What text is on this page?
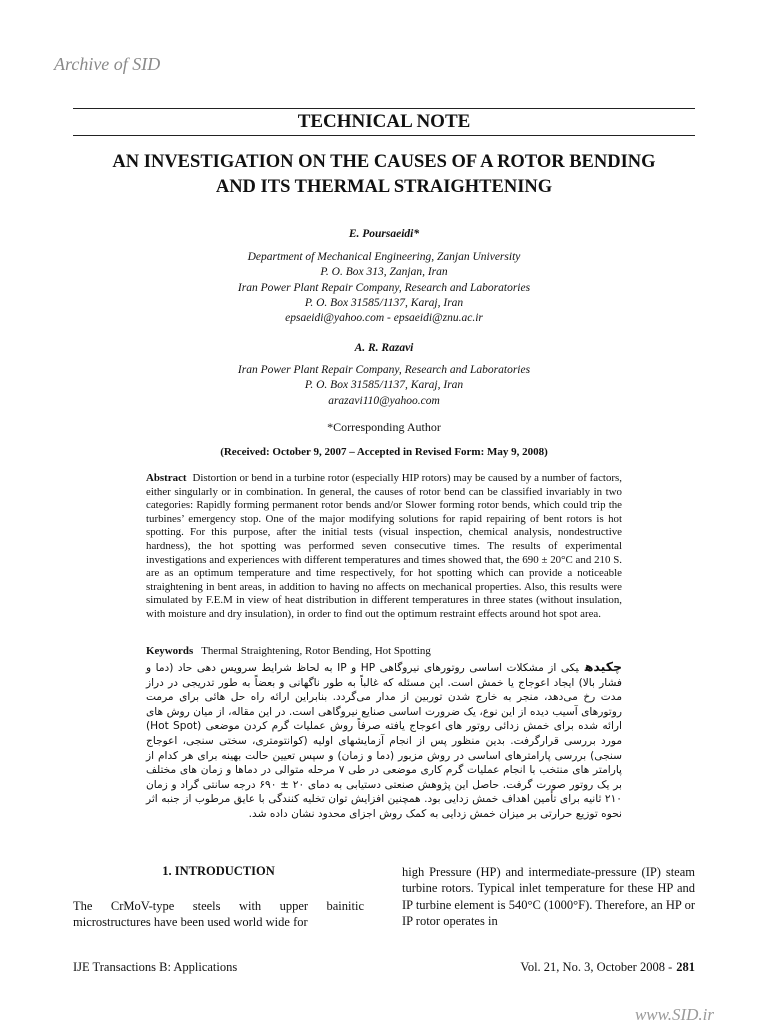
Archive of SID
TECHNICAL NOTE
AN INVESTIGATION ON THE CAUSES OF A ROTOR BENDING
AND ITS THERMAL STRAIGHTENING
E. Poursaeidi*
Department of Mechanical Engineering, Zanjan University
P. O. Box 313, Zanjan, Iran
Iran Power Plant Repair Company, Research and Laboratories
P. O. Box 31585/1137, Karaj, Iran
epsaeidi@yahoo.com - epsaeidi@znu.ac.ir
A. R. Razavi
Iran Power Plant Repair Company, Research and Laboratories
P. O. Box 31585/1137, Karaj, Iran
arazavi110@yahoo.com
*Corresponding Author
(Received: October 9, 2007 – Accepted in Revised Form: May 9, 2008)

Abstract Distortion or bend in a turbine rotor (especially HIP rotors) may be caused by a number of factors, either singularly or in combination. In general, the causes of rotor bend can be classified invariably in two categories: Rapidly forming permanent rotor bends and/or Slower forming rotor bends, which could trip the turbines’ emergency stop. One of the major modifying solutions for rapid repairing of bent rotors is hot spotting. For this purpose, after the initial tests (visual inspection, chemical analysis, nondestructive hardness), the hot spotting was performed seven consecutive times. The results of experimental investigations and experiences with different temperatures and times showed that, the 690 ± 20°C and 210 S. are as an optimum temperature and time respectively, for hot spotting which can provide a noticeable straightening in bent areas, in addition to having no affects on mechanical properties. Also, this results were simulated by F.E.M in view of heat distribution in different temperatures in three states (without insulation, with moisture and dry insulation), in order to find out the optimum restraint effects around hot spot area.

Keywords Thermal Straightening, Rotor Bending, Hot Spotting

چکیدهیکی از مشکلات اساسی روتورهای نیروگاهی HP و IP به لحاظ شرایط سرویس دهی حاد (دما و فشار بالا) ایجاد اعوجاج یا خمش است. این مسئله که غالباً به طور ناگهانی و بعضاً به طور تدریجی در دراز مدت رخ می‌دهد، منجر به خارج شدن توربین از مدار می‌گردد. بنابراین ارائه راه حل هائی برای مرمت روتورهای آسیب دیده از این نوع، یک ضرورت اساسی صنایع نیروگاهی است. در این مقاله، از میان روش های ارائه شده برای خمش زدائی روتور های اعوجاج یافته صرفاً روش عملیات گرم کردن موضعی (Hot Spot) مورد بررسی قرارگرفت. بدین منظور پس از انجام آزمایشهای اولیه (کوانتومتری، سختی سنجی، اعوجاج سنجی) بررسی پارامترهای اساسی در روش مزبور (دما و زمان) و سپس تعیین حالت بهینه برای هر کدام از پارامتر های منتخب با انجام عملیات گرم کاری موضعی در طی ۷ مرحله متوالی در دماها و زمان های مختلف بر یک روتور صورت گرفت. حاصل این پژوهش صنعتی دستیابی به دمای ۲۰ ± ۶۹۰ درجه سانتی گراد و زمان ۲۱۰ ثانیه برای تأمین اهداف خمش زدایی بود. همچنین افزایش توان تخلیه کنندگی با عایق مرطوب از جنبه اثر نحوه توزیع حرارتی بر میزان خمش زدایی به کمک روش اجزای محدود نشان داده شد.

1. INTRODUCTION

The CrMoV-type steels with upper bainitic microstructures have been used world wide for

high Pressure (HP) and intermediate-pressure (IP) steam turbine rotors. Typical inlet temperature for these HP and IP turbine element is 540°C (1000°F). Therefore, an HP or IP rotor operates in

IJE Transactions B: Applications	Vol. 21, No. 3, October 2008 - 281
www.SID.ir
